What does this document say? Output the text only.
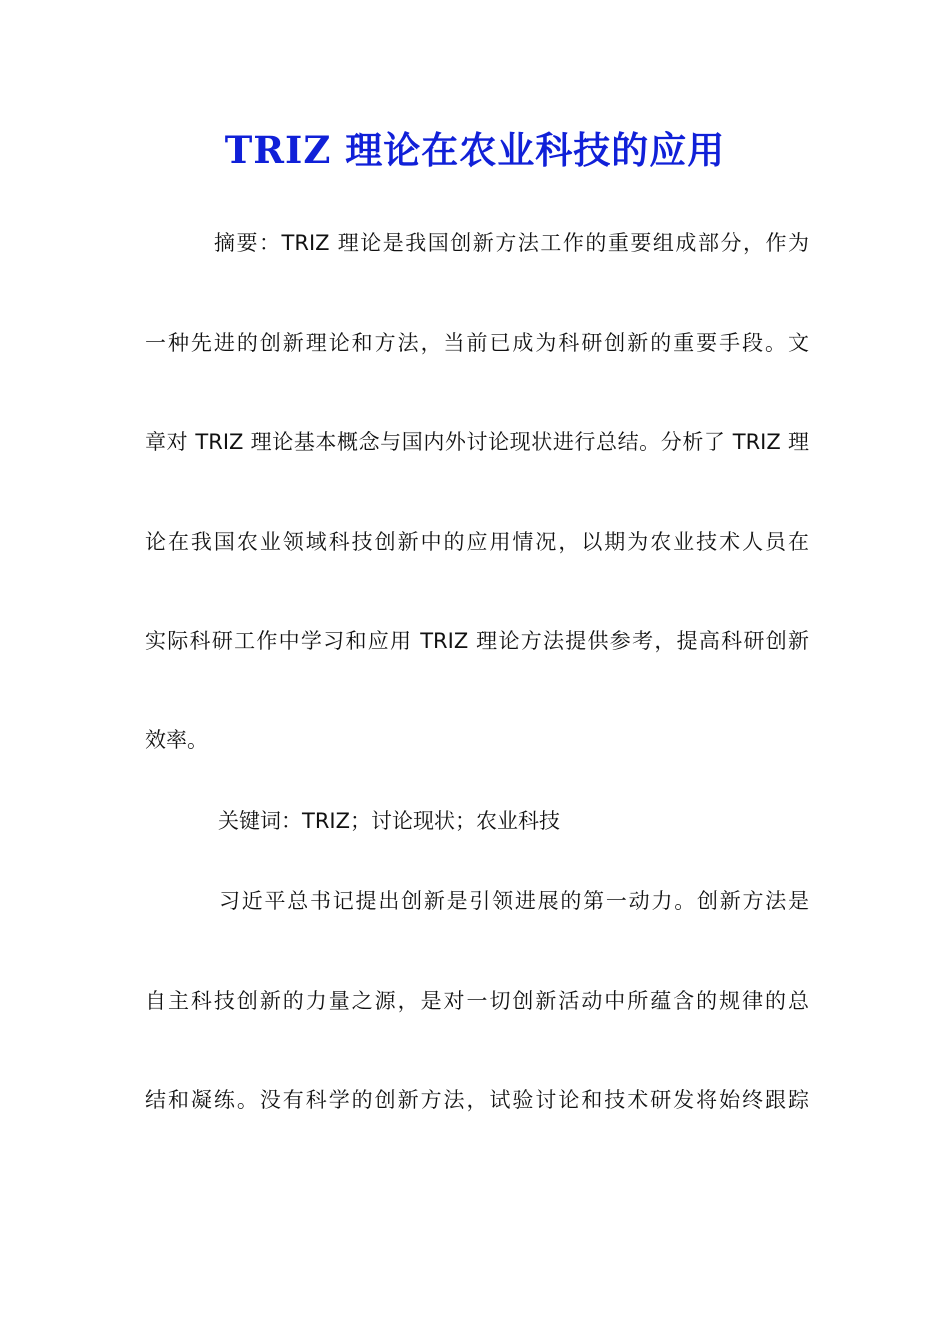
TRIZ 理论在农业科技的应用

摘要：TRIZ 理论是我国创新方法工作的重要组成部分，作为

一种先进的创新理论和方法，当前已成为科研创新的重要手段。文

章对 TRIZ 理论基本概念与国内外讨论现状进行总结。分析了 TRIZ 理

论在我国农业领域科技创新中的应用情况，以期为农业技术人员在

实际科研工作中学习和应用 TRIZ 理论方法提供参考，提高科研创新

效率。

关键词：TRIZ；讨论现状；农业科技

习近平总书记提出创新是引领进展的第一动力。创新方法是

自主科技创新的力量之源，是对一切创新活动中所蕴含的规律的总

结和凝练。没有科学的创新方法，试验讨论和技术研发将始终跟踪
